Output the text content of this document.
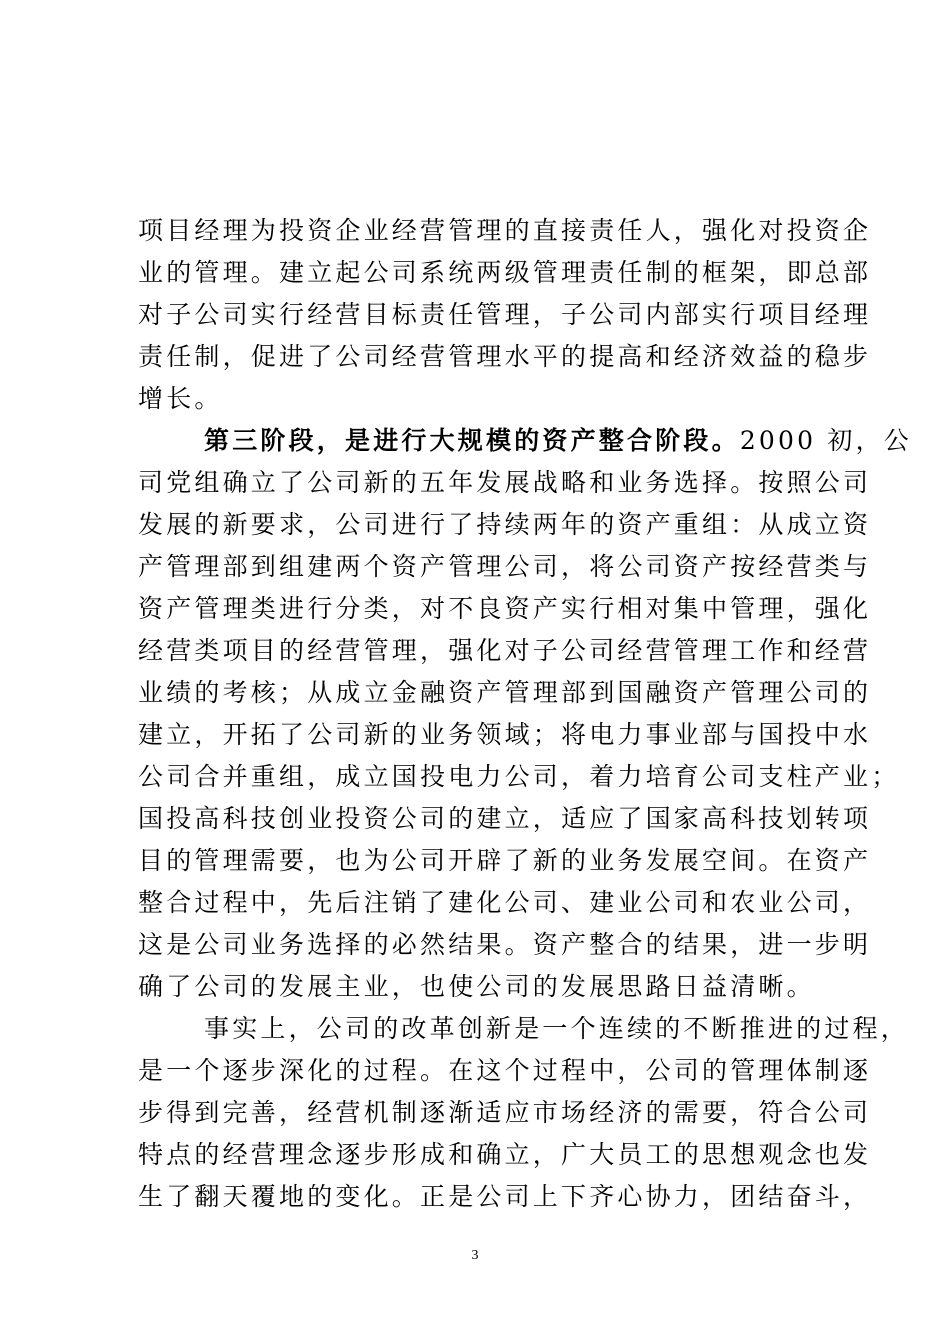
项目经理为投资企业经营管理的直接责任人，强化对投资企
业的管理。建立起公司系统两级管理责任制的框架，即总部
对子公司实行经营目标责任管理，子公司内部实行项目经理
责任制，促进了公司经营管理水平的提高和经济效益的稳步
增长。
第三阶段，是进行大规模的资产整合阶段。2000 初，公
司党组确立了公司新的五年发展战略和业务选择。按照公司
发展的新要求，公司进行了持续两年的资产重组：从成立资
产管理部到组建两个资产管理公司，将公司资产按经营类与
资产管理类进行分类，对不良资产实行相对集中管理，强化
经营类项目的经营管理，强化对子公司经营管理工作和经营
业绩的考核；从成立金融资产管理部到国融资产管理公司的
建立，开拓了公司新的业务领域；将电力事业部与国投中水
公司合并重组，成立国投电力公司，着力培育公司支柱产业；
国投高科技创业投资公司的建立，适应了国家高科技划转项
目的管理需要，也为公司开辟了新的业务发展空间。在资产
整合过程中，先后注销了建化公司、建业公司和农业公司，
这是公司业务选择的必然结果。资产整合的结果，进一步明
确了公司的发展主业，也使公司的发展思路日益清晰。
事实上，公司的改革创新是一个连续的不断推进的过程，
是一个逐步深化的过程。在这个过程中，公司的管理体制逐
步得到完善，经营机制逐渐适应市场经济的需要，符合公司
特点的经营理念逐步形成和确立，广大员工的思想观念也发
生了翻天覆地的变化。正是公司上下齐心协力，团结奋斗，
3
